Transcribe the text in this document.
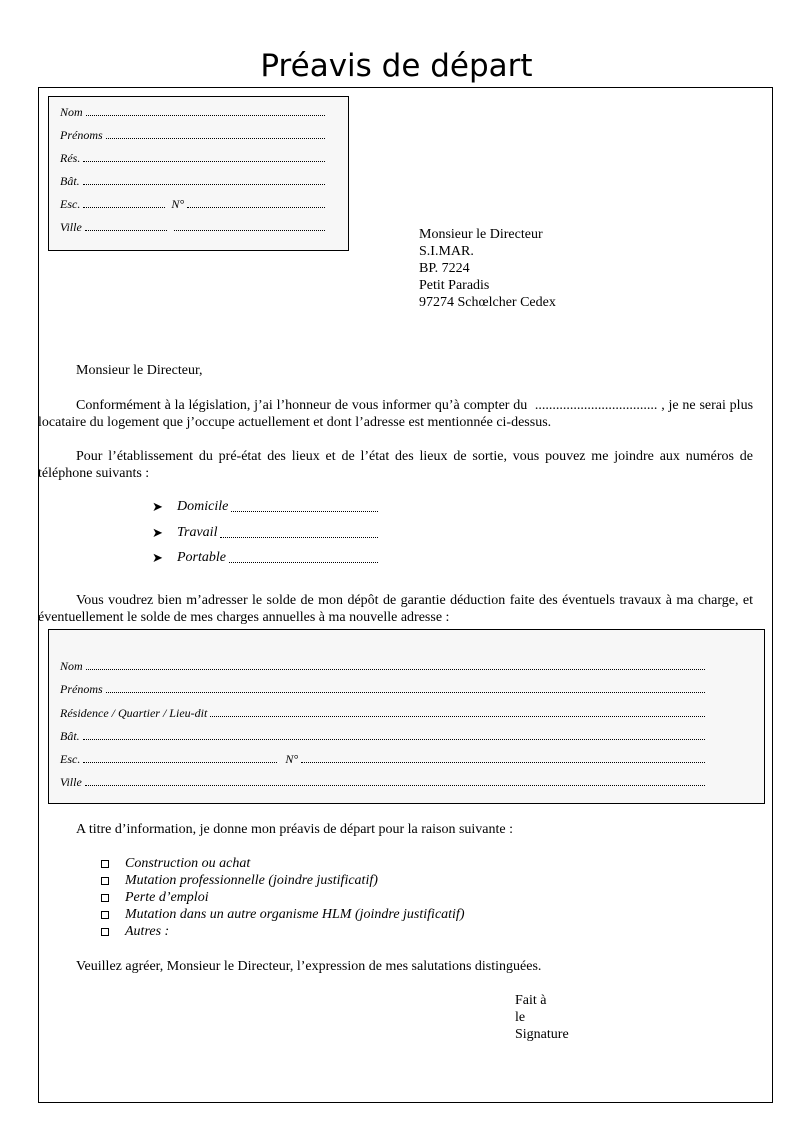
Préavis de départ
Nom
Prénoms
Rés.
Bât.
Esc.	N°
Ville	Monsieur le Directeur
S.I.MAR.
BP. 7224
Petit Paradis
97274 Schœlcher Cedex
Monsieur le Directeur,
Conformément à la législation, j’ai l’honneur de vous informer qu’à compter du ................................... , je ne serai plus locataire du logement que j’occupe actuellement et dont l’adresse est mentionnée ci-dessus.
Pour l’établissement du pré-état des lieux et de l’état des lieux de sortie, vous pouvez me joindre aux numéros de téléphone suivants :
➤	Domicile
➤	Travail
➤	Portable
Vous voudrez bien m’adresser le solde de mon dépôt de garantie déduction faite des éventuels travaux à ma charge, et éventuellement le solde de mes charges annuelles à ma nouvelle adresse :
Nom
Prénoms
Résidence / Quartier / Lieu-dit
Bât.
Esc.	N°
Ville
A titre d’information, je donne mon préavis de départ pour la raison suivante :
Construction ou achat
Mutation professionnelle (joindre justificatif)
Perte d’emploi
Mutation dans un autre organisme HLM (joindre justificatif)
Autres :
Veuillez agréer, Monsieur le Directeur, l’expression de mes salutations distinguées.
Fait à
le
Signature
